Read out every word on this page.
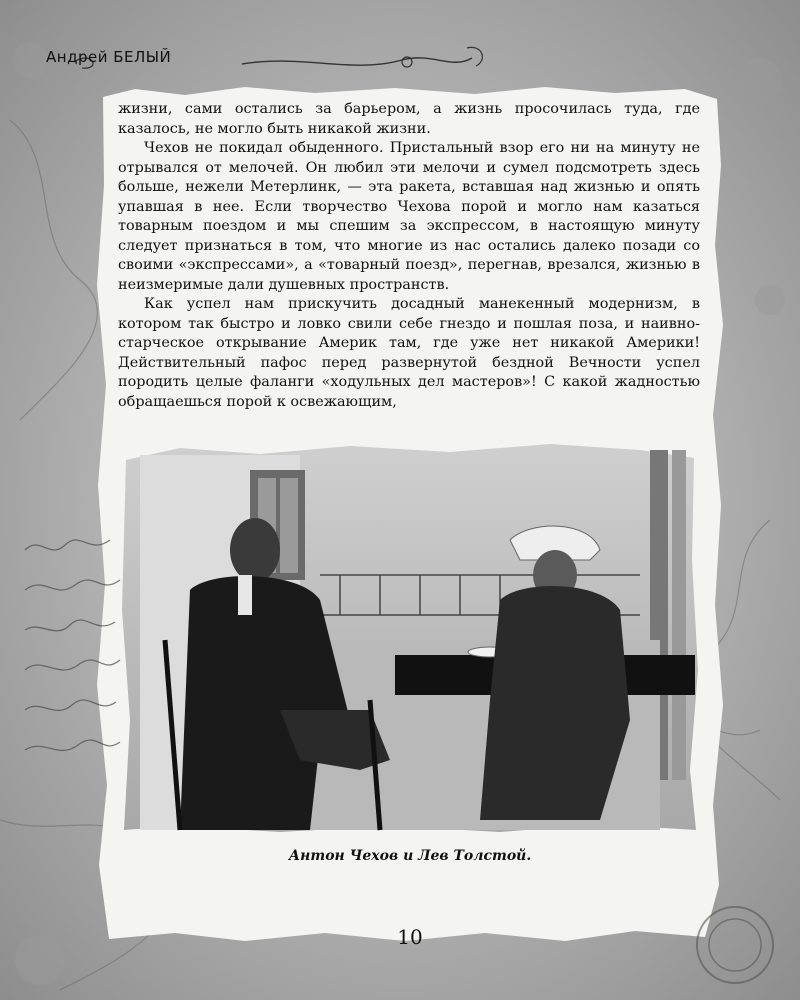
Андрей БЕЛЫЙ

жизни, сами остались за барьером, а жизнь просочилась туда, где казалось, не могло быть никакой жизни.

Чехов не покидал обыденного. Пристальный взор его ни на минуту не отрывался от мелочей. Он любил эти мелочи и сумел подсмотреть здесь больше, нежели Метерлинк, — эта ракета, вставшая над жизнью и опять упавшая в нее. Если творчество Чехова порой и могло нам казаться товарным поездом и мы спешим за экспрессом, в настоящую минуту следует признаться в том, что многие из нас остались далеко позади со своими «экспрессами», а «товарный поезд», перегнав, врезался, жизнью в неизмеримые дали душевных пространств.

Как успел нам прискучить досадный манекенный модернизм, в котором так быстро и ловко свили себе гнездо и пошлая поза, и наивно-старческое открывание Америк там, где уже нет никакой Америки! Действительный пафос перед развернутой бездной Вечности успел породить целые фаланги «ходульных дел мастеров»! С какой жадностью обращаешься порой к освежающим,

Антон Чехов и Лев Толстой.
10
